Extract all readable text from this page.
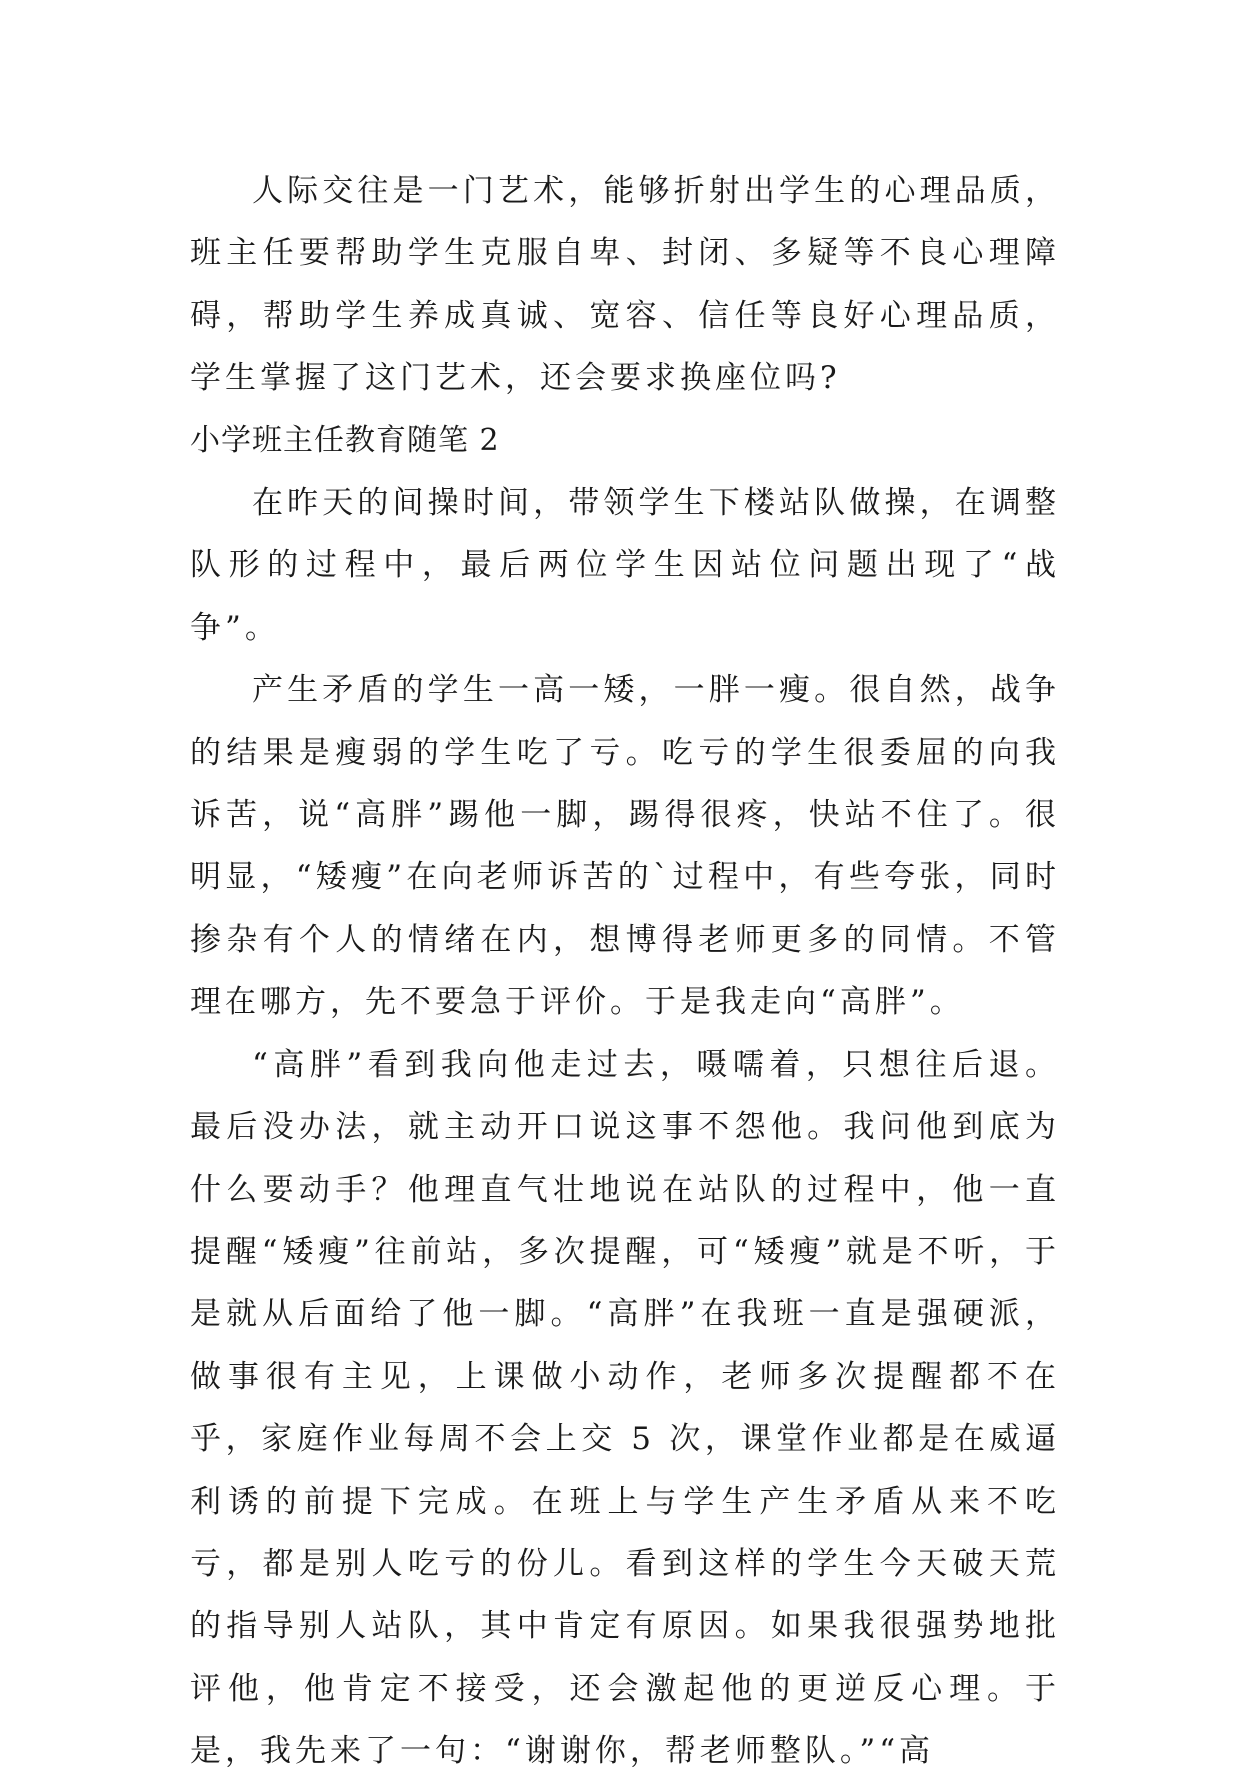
人际交往是一门艺术，能够折射出学生的心理品质，班主任要帮助学生克服自卑、封闭、多疑等不良心理障碍，帮助学生养成真诚、宽容、信任等良好心理品质，学生掌握了这门艺术，还会要求换座位吗?

小学班主任教育随笔 2

在昨天的间操时间，带领学生下楼站队做操，在调整队形的过程中，最后两位学生因站位问题出现了“战争”。

产生矛盾的学生一高一矮，一胖一瘦。很自然，战争的结果是瘦弱的学生吃了亏。吃亏的学生很委屈的向我诉苦，说“高胖”踢他一脚，踢得很疼，快站不住了。很明显，“矮瘦”在向老师诉苦的`过程中，有些夸张，同时掺杂有个人的情绪在内，想博得老师更多的同情。不管理在哪方，先不要急于评价。于是我走向“高胖”。

“高胖”看到我向他走过去，嗫嚅着，只想往后退。最后没办法，就主动开口说这事不怨他。我问他到底为什么要动手？他理直气壮地说在站队的过程中，他一直提醒“矮瘦”往前站，多次提醒，可“矮瘦”就是不听，于是就从后面给了他一脚。“高胖”在我班一直是强硬派，做事很有主见，上课做小动作，老师多次提醒都不在乎，家庭作业每周不会上交 5 次，课堂作业都是在威逼利诱的前提下完成。在班上与学生产生矛盾从来不吃亏，都是别人吃亏的份儿。看到这样的学生今天破天荒的指导别人站队，其中肯定有原因。如果我很强势地批评他，他肯定不接受，还会激起他的更逆反心理。于是，我先来了一句：“谢谢你，帮老师整队。”“高
